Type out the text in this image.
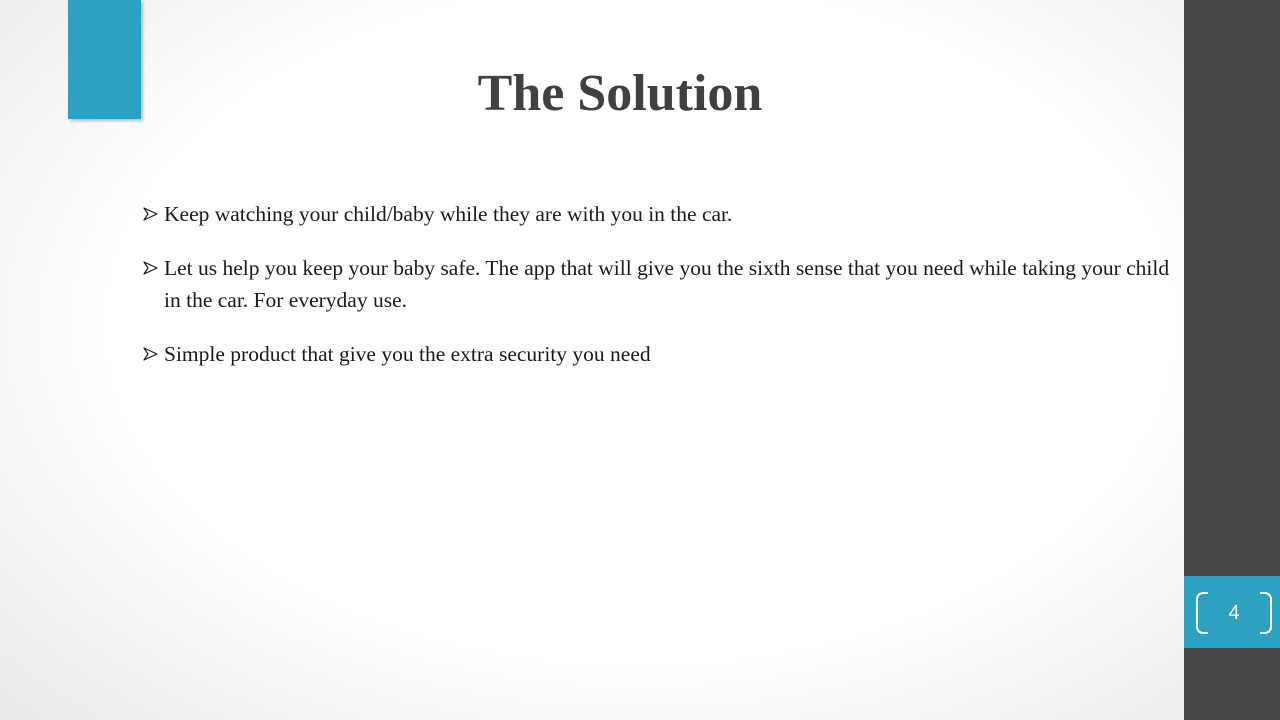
The Solution
Keep watching your child/baby while they are with you in the car.
Let us help you keep your baby safe. The app that will give you the sixth sense that you need while taking your child in the car. For everyday use.
Simple product that give you the extra security you need
4
